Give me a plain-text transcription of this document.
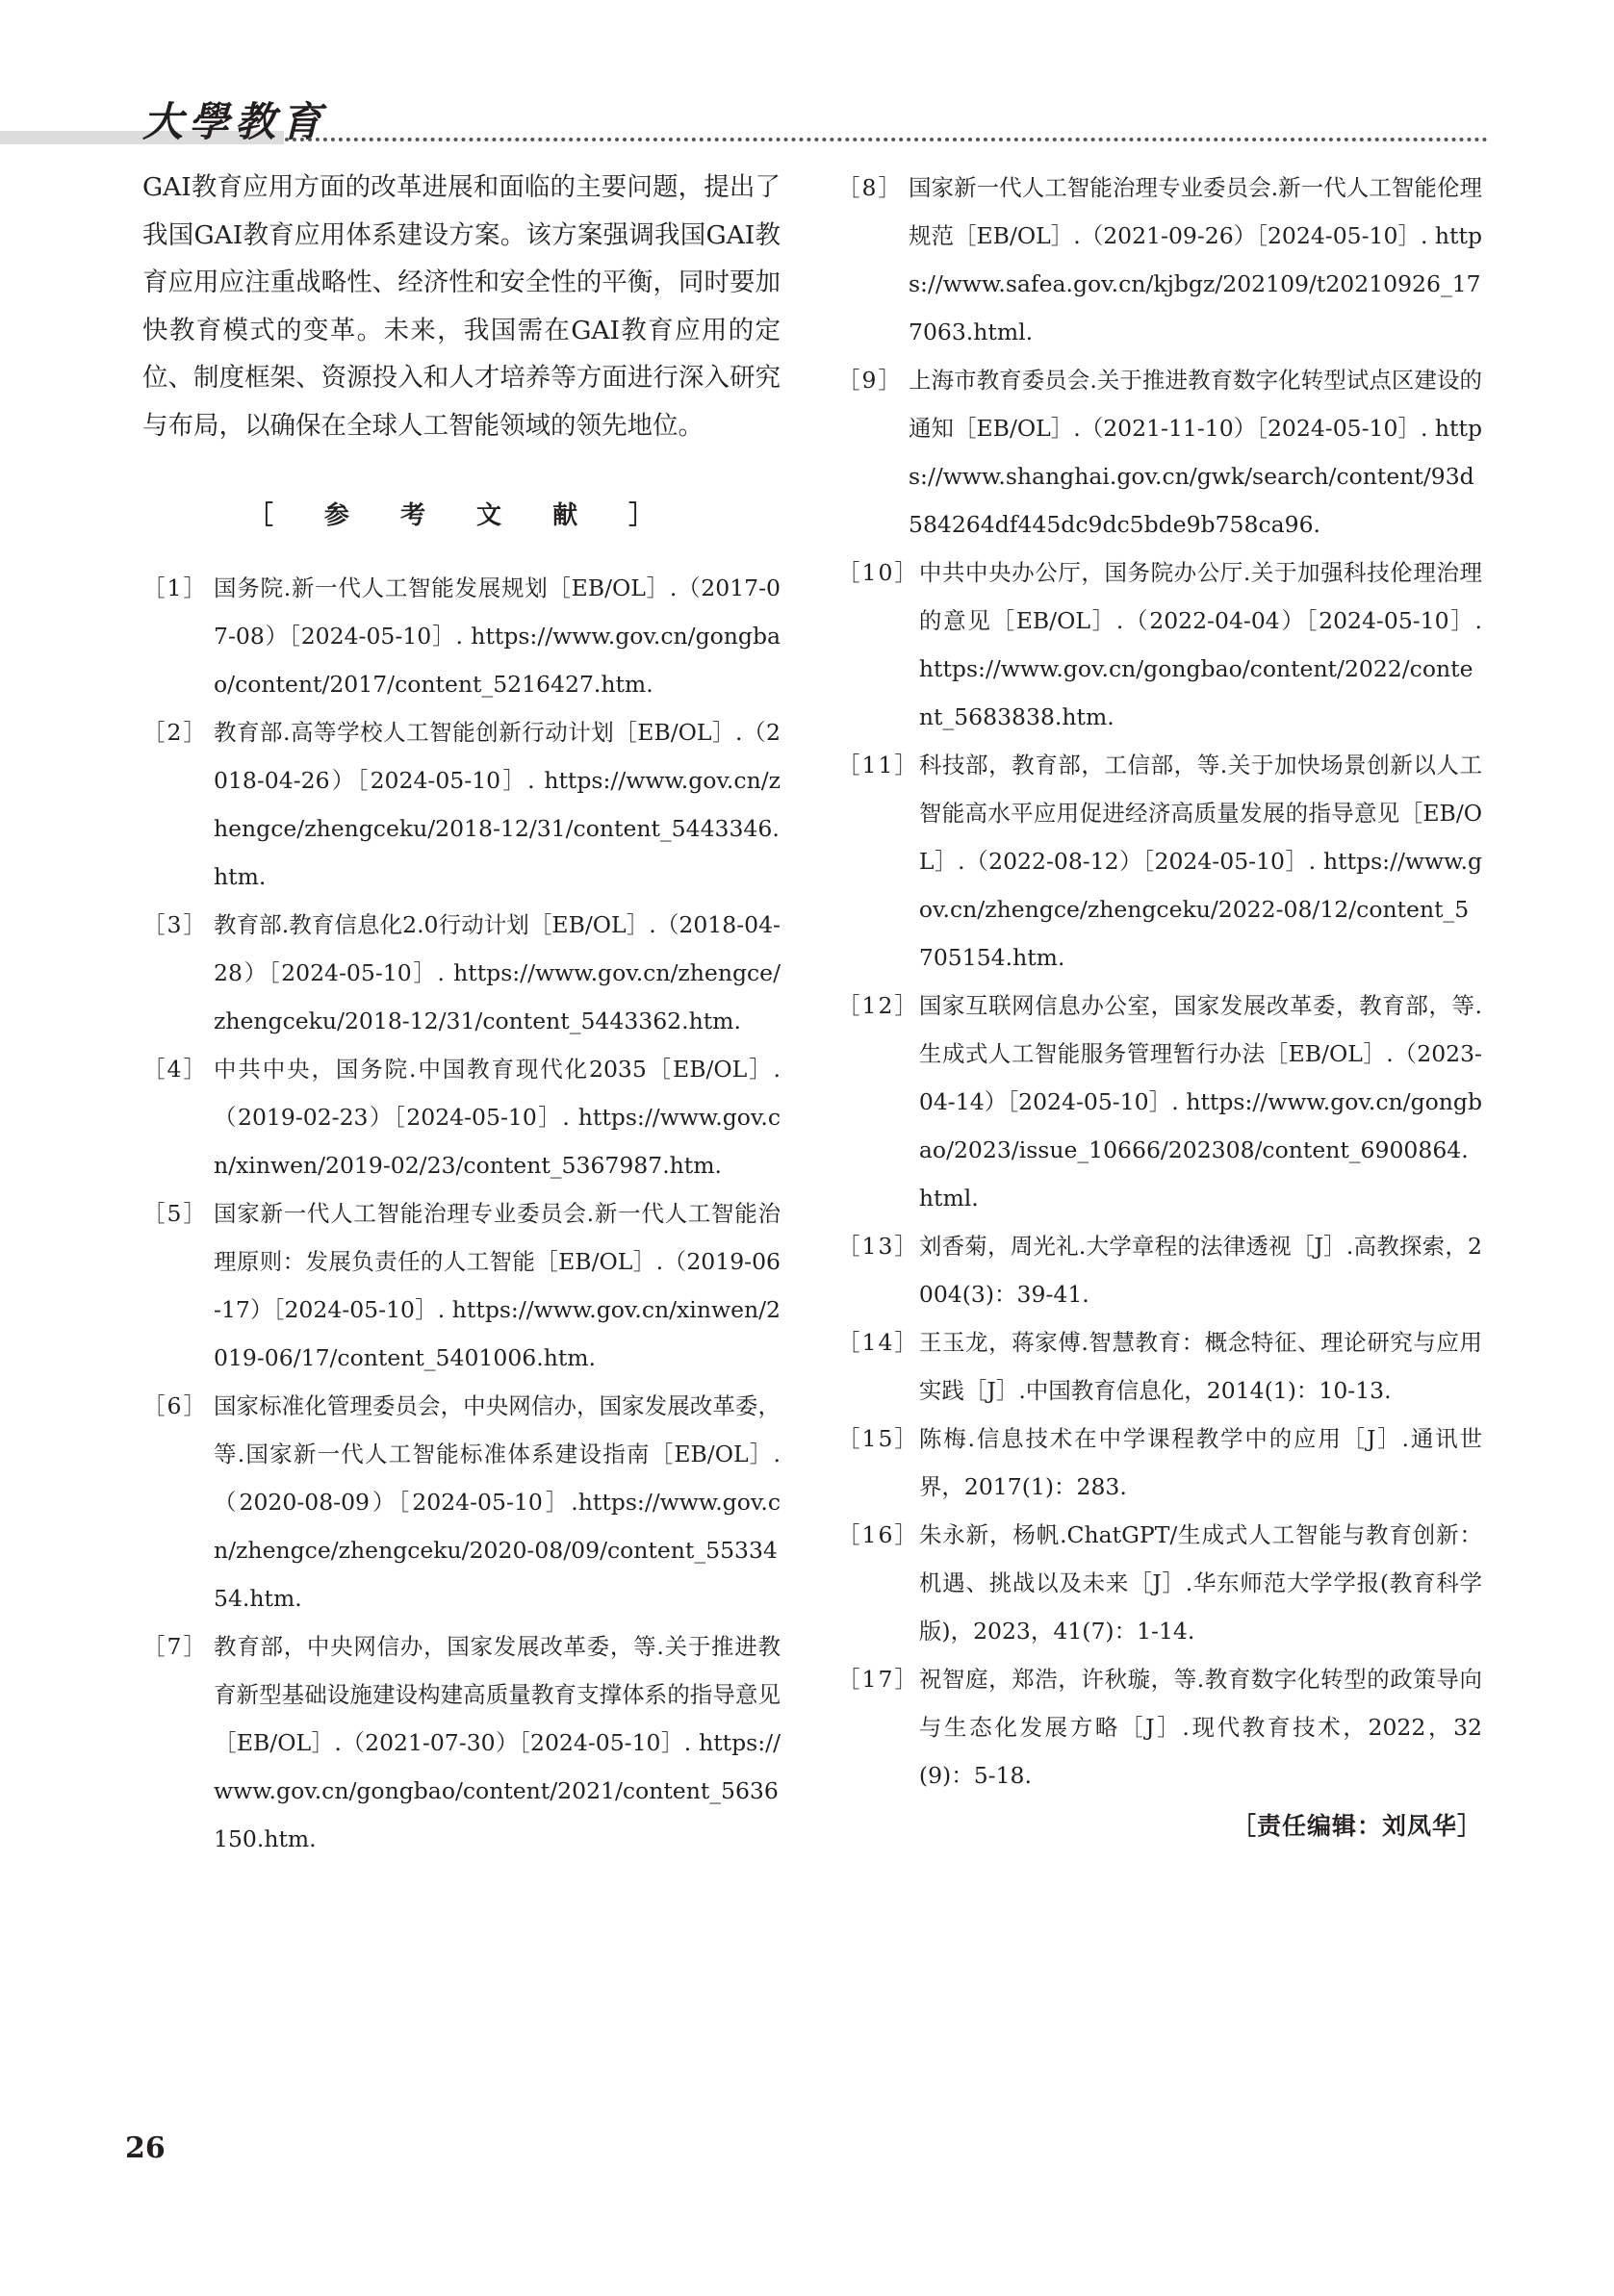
大學教育

GAI教育应用方面的改革进展和面临的主要问题，提出了我国GAI教育应用体系建设方案。该方案强调我国GAI教育应用应注重战略性、经济性和安全性的平衡，同时要加快教育模式的变革。未来，我国需在GAI教育应用的定位、制度框架、资源投入和人才培养等方面进行深入研究与布局，以确保在全球人工智能领域的领先地位。

［ 参 考 文 献 ］
［1］ 国务院.新一代人工智能发展规划［EB/OL］.（2017-07-08）［2024-05-10］. https://www.gov.cn/gongbao/content/2017/content_5216427.htm.
［2］ 教育部.高等学校人工智能创新行动计划［EB/OL］.（2018-04-26）［2024-05-10］. https://www.gov.cn/zhengce/zhengceku/2018-12/31/content_5443346.htm.
［3］ 教育部.教育信息化2.0行动计划［EB/OL］.（2018-04-28）［2024-05-10］. https://www.gov.cn/zhengce/zhengceku/2018-12/31/content_5443362.htm.
［4］ 中共中央，国务院.中国教育现代化2035［EB/OL］.（2019-02-23）［2024-05-10］. https://www.gov.cn/xinwen/2019-02/23/content_5367987.htm.
［5］ 国家新一代人工智能治理专业委员会.新一代人工智能治理原则：发展负责任的人工智能［EB/OL］.（2019-06-17）［2024-05-10］. https://www.gov.cn/xinwen/2019-06/17/content_5401006.htm.
［6］ 国家标准化管理委员会，中央网信办，国家发展改革委，等.国家新一代人工智能标准体系建设指南［EB/OL］.（2020-08-09）［2024-05-10］.https://www.gov.cn/zhengce/zhengceku/2020-08/09/content_5533454.htm.
［7］ 教育部，中央网信办，国家发展改革委，等.关于推进教育新型基础设施建设构建高质量教育支撑体系的指导意见［EB/OL］.（2021-07-30）［2024-05-10］. https://www.gov.cn/gongbao/content/2021/content_5636150.htm.
［8］ 国家新一代人工智能治理专业委员会.新一代人工智能伦理规范［EB/OL］.（2021-09-26）［2024-05-10］. https://www.safea.gov.cn/kjbgz/202109/t20210926_177063.html.
［9］ 上海市教育委员会.关于推进教育数字化转型试点区建设的通知［EB/OL］.（2021-11-10）［2024-05-10］. https://www.shanghai.gov.cn/gwk/search/content/93d584264df445dc9dc5bde9b758ca96.
［10］ 中共中央办公厅，国务院办公厅.关于加强科技伦理治理的意见［EB/OL］.（2022-04-04）［2024-05-10］. https://www.gov.cn/gongbao/content/2022/content_5683838.htm.
［11］ 科技部，教育部，工信部，等.关于加快场景创新以人工智能高水平应用促进经济高质量发展的指导意见［EB/OL］.（2022-08-12）［2024-05-10］. https://www.gov.cn/zhengce/zhengceku/2022-08/12/content_5705154.htm.
［12］ 国家互联网信息办公室，国家发展改革委，教育部，等.生成式人工智能服务管理暂行办法［EB/OL］.（2023-04-14）［2024-05-10］. https://www.gov.cn/gongbao/2023/issue_10666/202308/content_6900864.html.
［13］ 刘香菊，周光礼.大学章程的法律透视［J］.高教探索，2004(3)：39-41.
［14］ 王玉龙，蒋家傅.智慧教育：概念特征、理论研究与应用实践［J］.中国教育信息化，2014(1)：10-13.
［15］ 陈梅.信息技术在中学课程教学中的应用［J］.通讯世界，2017(1)：283.
［16］ 朱永新，杨帆.ChatGPT/生成式人工智能与教育创新：机遇、挑战以及未来［J］.华东师范大学学报(教育科学版)，2023，41(7)：1-14.
［17］ 祝智庭，郑浩，许秋璇，等.教育数字化转型的政策导向与生态化发展方略［J］.现代教育技术，2022，32(9)：5-18.
［责任编辑：刘凤华］
26
